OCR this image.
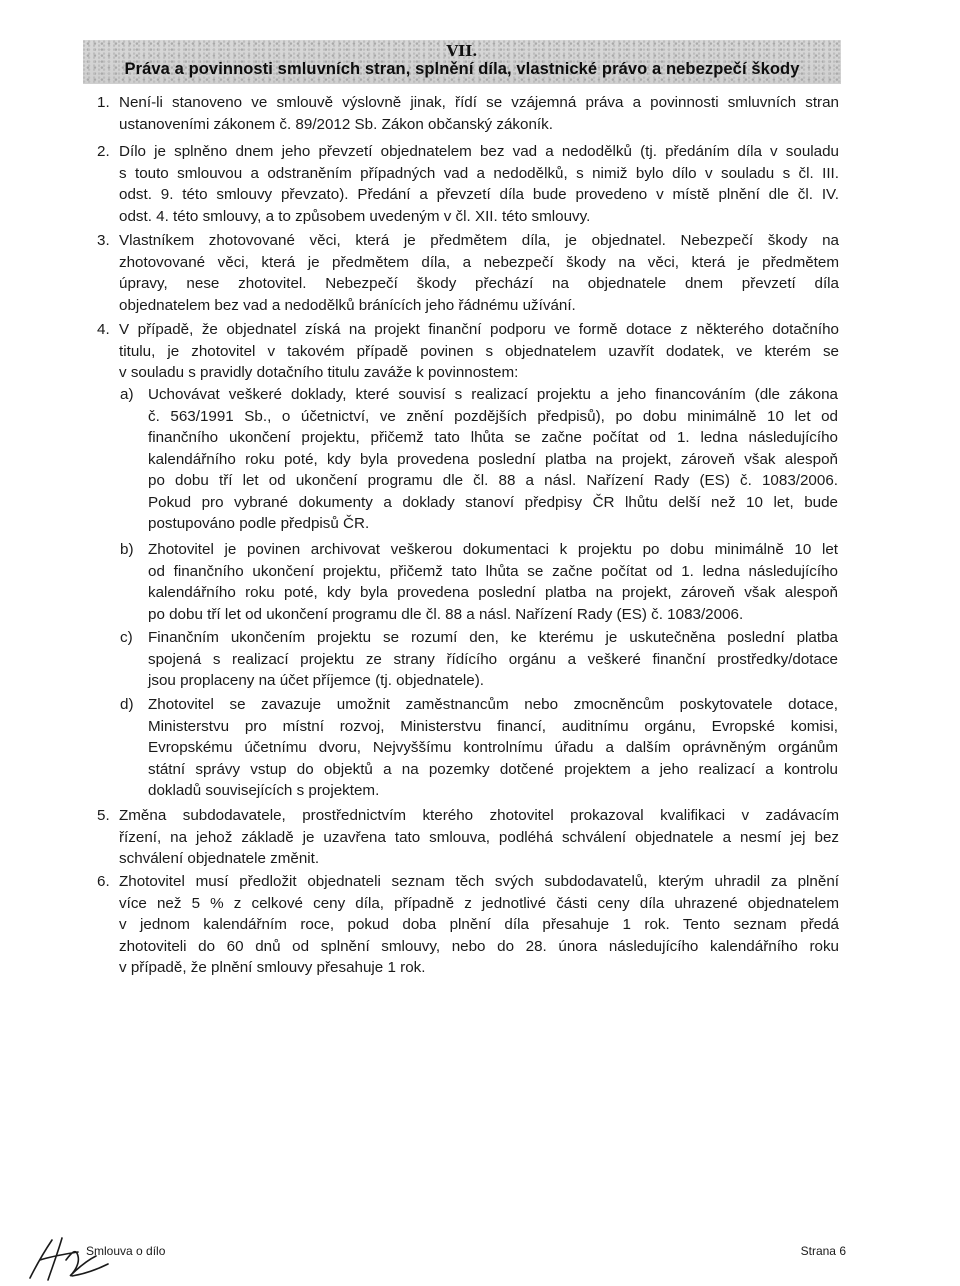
VII.
Práva a povinnosti smluvních stran, splnění díla, vlastnické právo a nebezpečí škody
1. Není-li stanoveno ve smlouvě výslovně jinak, řídí se vzájemná práva a povinnosti smluvních stran
ustanoveními zákonem č. 89/2012 Sb. Zákon občanský zákoník.
2. Dílo je splněno dnem jeho převzetí objednatelem bez vad a nedodělků (tj. předáním díla v souladu
s touto smlouvou a odstraněním případných vad a nedodělků, s nimiž bylo dílo v souladu s čl. III.
odst. 9. této smlouvy převzato). Předání a převzetí díla bude provedeno v místě plnění dle čl. IV.
odst. 4. této smlouvy, a to způsobem uvedeným v čl. XII. této smlouvy.
3. Vlastníkem zhotovované věci, která je předmětem díla, je objednatel. Nebezpečí škody na
zhotovované věci, která je předmětem díla, a nebezpečí škody na věci, která je předmětem
úpravy, nese zhotovitel. Nebezpečí škody přechází na objednatele dnem převzetí díla
objednatelem bez vad a nedodělků bránících jeho řádnému užívání.
4. V případě, že objednatel získá na projekt finanční podporu ve formě dotace z některého dotačního
titulu, je zhotovitel v takovém případě povinen s objednatelem uzavřít dodatek, ve kterém se
v souladu s pravidly dotačního titulu zaváže k povinnostem:
a) Uchovávat veškeré doklady, které souvisí s realizací projektu a jeho financováním (dle zákona
č. 563/1991 Sb., o účetnictví, ve znění pozdějších předpisů), po dobu minimálně 10 let od
finančního ukončení projektu, přičemž tato lhůta se začne počítat od 1. ledna následujícího
kalendářního roku poté, kdy byla provedena poslední platba na projekt, zároveň však alespoň
po dobu tří let od ukončení programu dle čl. 88 a násl. Nařízení Rady (ES) č. 1083/2006.
Pokud pro vybrané dokumenty a doklady stanoví předpisy ČR lhůtu delší než 10 let, bude
postupováno podle předpisů ČR.
b) Zhotovitel je povinen archivovat veškerou dokumentaci k projektu po dobu minimálně 10 let
od finančního ukončení projektu, přičemž tato lhůta se začne počítat od 1. ledna následujícího
kalendářního roku poté, kdy byla provedena poslední platba na projekt, zároveň však alespoň
po dobu tří let od ukončení programu dle čl. 88 a násl. Nařízení Rady (ES) č. 1083/2006.
c) Finančním ukončením projektu se rozumí den, ke kterému je uskutečněna poslední platba
spojená s realizací projektu ze strany řídícího orgánu a veškeré finanční prostředky/dotace
jsou proplaceny na účet příjemce (tj. objednatele).
d) Zhotovitel se zavazuje umožnit zaměstnancům nebo zmocněncům poskytovatele dotace,
Ministerstvu pro místní rozvoj, Ministerstvu financí, auditnímu orgánu, Evropské komisi,
Evropskému účetnímu dvoru, Nejvyššímu kontrolnímu úřadu a dalším oprávněným orgánům
státní správy vstup do objektů a na pozemky dotčené projektem a jeho realizací a kontrolu
dokladů souvisejících s projektem.
5. Změna subdodavatele, prostřednictvím kterého zhotovitel prokazoval kvalifikaci v zadávacím
řízení, na jehož základě je uzavřena tato smlouva, podléhá schválení objednatele a nesmí jej bez
schválení objednatele změnit.
6. Zhotovitel musí předložit objednateli seznam těch svých subdodavatelů, kterým uhradil za plnění
více než 5 % z celkové ceny díla, případně z jednotlivé části ceny díla uhrazené objednatelem
v jednom kalendářním roce, pokud doba plnění díla přesahuje 1 rok. Tento seznam předá
zhotoviteli do 60 dnů od splnění smlouvy, nebo do 28. února následujícího kalendářního roku
v případě, že plnění smlouvy přesahuje 1 rok.
Smlouva o dílo	Strana 6
